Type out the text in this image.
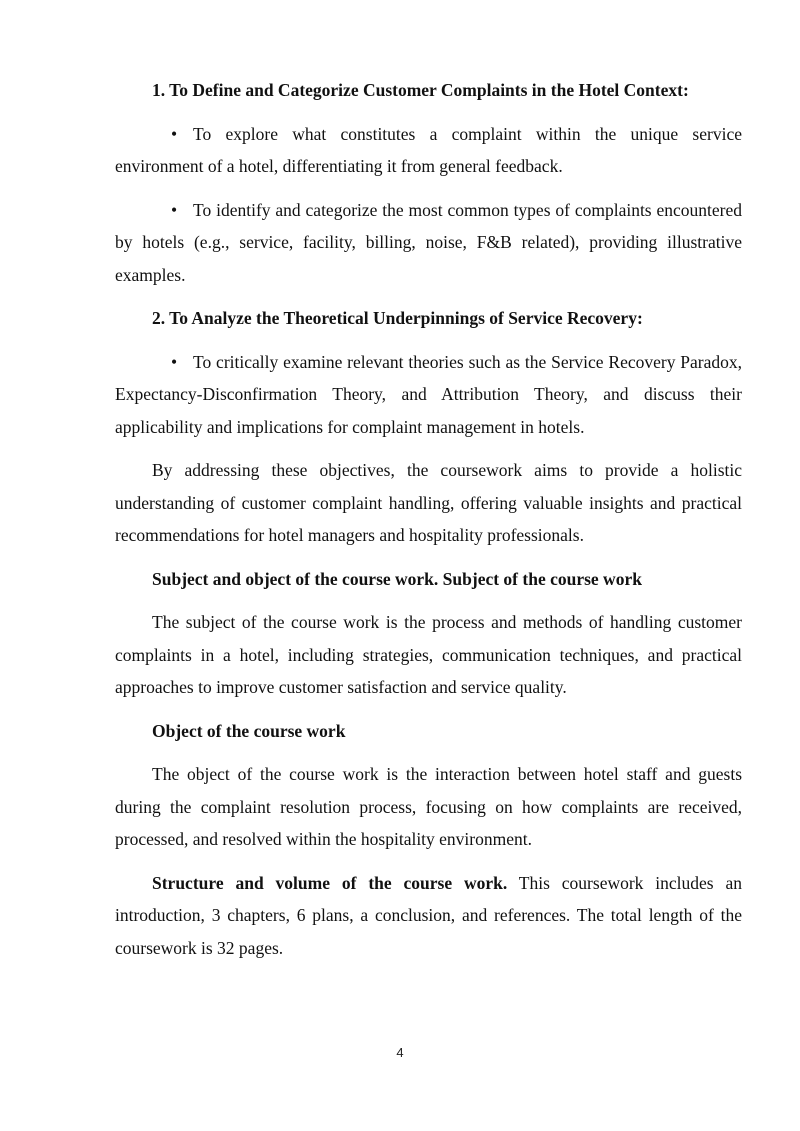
1. To Define and Categorize Customer Complaints in the Hotel Context:

• To explore what constitutes a complaint within the unique service environment of a hotel, differentiating it from general feedback.

• To identify and categorize the most common types of complaints encountered by hotels (e.g., service, facility, billing, noise, F&B related), providing illustrative examples.

2. To Analyze the Theoretical Underpinnings of Service Recovery:

• To critically examine relevant theories such as the Service Recovery Paradox, Expectancy-Disconfirmation Theory, and Attribution Theory, and discuss their applicability and implications for complaint management in hotels.

By addressing these objectives, the coursework aims to provide a holistic understanding of customer complaint handling, offering valuable insights and practical recommendations for hotel managers and hospitality professionals.

Subject and object of the course work. Subject of the course work

The subject of the course work is the process and methods of handling customer complaints in a hotel, including strategies, communication techniques, and practical approaches to improve customer satisfaction and service quality.

Object of the course work

The object of the course work is the interaction between hotel staff and guests during the complaint resolution process, focusing on how complaints are received, processed, and resolved within the hospitality environment.

Structure and volume of the course work. This coursework includes an introduction, 3 chapters, 6 plans, a conclusion, and references. The total length of the coursework is 32 pages.

4
